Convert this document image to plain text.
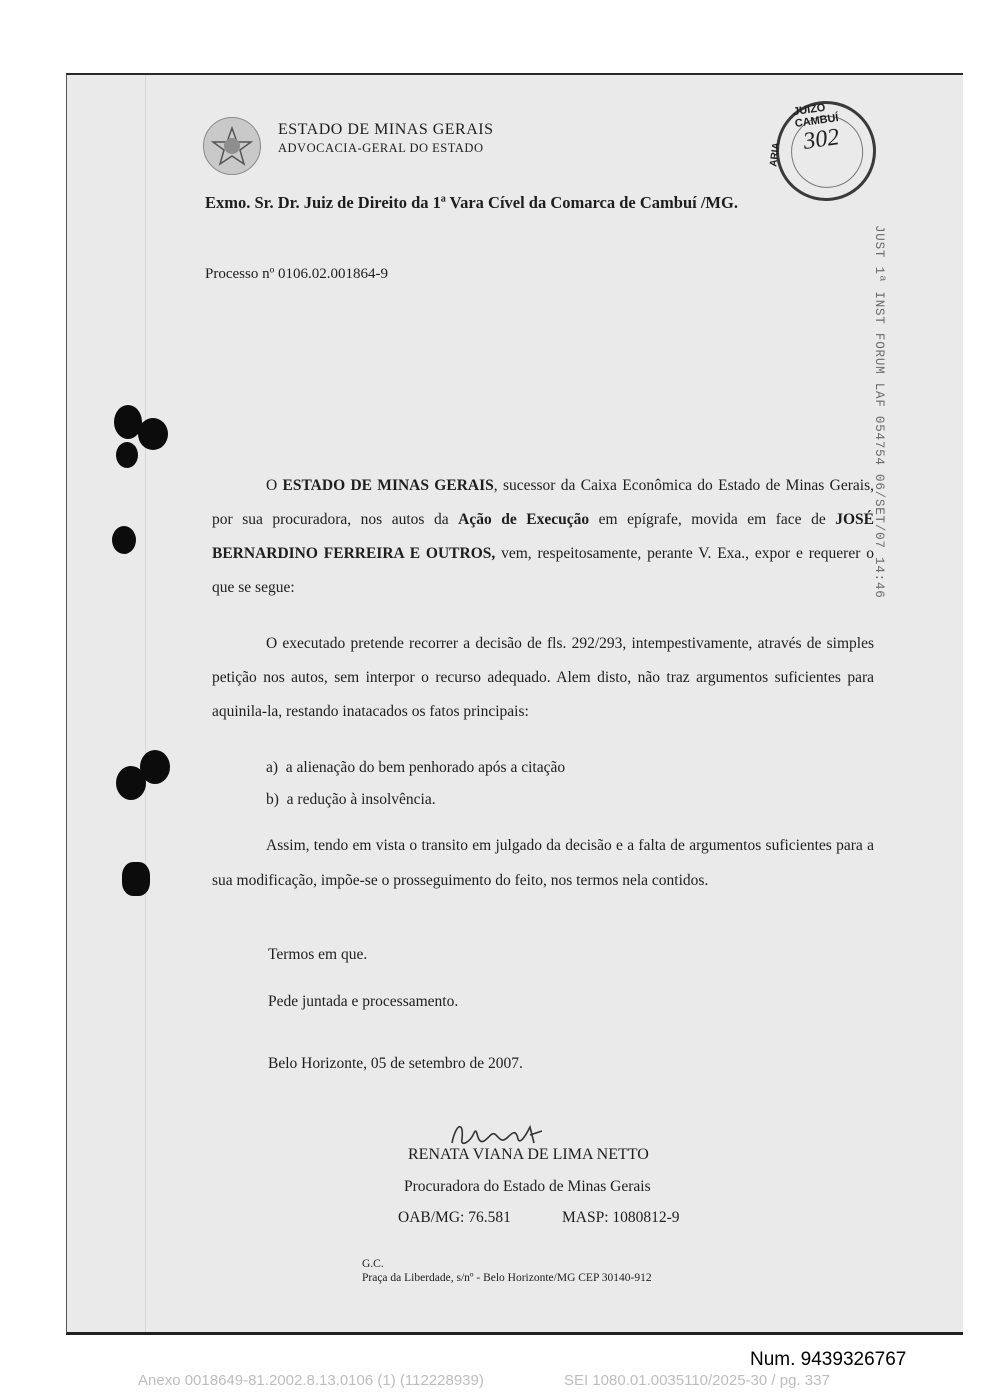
ESTADO DE MINAS GERAIS
ADVOCACIA-GERAL DO ESTADO
JUIZO CAMBUÍ
ARIA 302
JUST 1ª INST FORUM LAF 054754 06/SET/07 14:46
Exmo. Sr. Dr. Juiz de Direito da 1ª Vara Cível da Comarca de Cambuí /MG.
Processo nº 0106.02.001864-9
O ESTADO DE MINAS GERAIS, sucessor da Caixa Econômica do Estado de Minas Gerais, por sua procuradora, nos autos da Ação de Execução em epígrafe, movida em face de JOSÉ BERNARDINO FERREIRA E OUTROS, vem, respeitosamente, perante V. Exa., expor e requerer o que se segue:
O executado pretende recorrer a decisão de fls. 292/293, intempestivamente, através de simples petição nos autos, sem interpor o recurso adequado. Alem disto, não traz argumentos suficientes para aquinila-la, restando inatacados os fatos principais:
a) a alienação do bem penhorado após a citação
b) a redução à insolvência.
Assim, tendo em vista o transito em julgado da decisão e a falta de argumentos suficientes para a sua modificação, impõe-se o prosseguimento do feito, nos termos nela contidos.
Termos em que.
Pede juntada e processamento.
Belo Horizonte, 05 de setembro de 2007.
RENATA VIANA DE LIMA NETTO
Procuradora do Estado de Minas Gerais
OAB/MG: 76.581	MASP: 1080812-9
G.C.
Praça da Liberdade, s/nº - Belo Horizonte/MG CEP 30140-912
Num. 9439326767
Anexo 0018649-81.2002.8.13.0106 (1) (112228939)	SEI 1080.01.0035110/2025-30 / pg. 337
